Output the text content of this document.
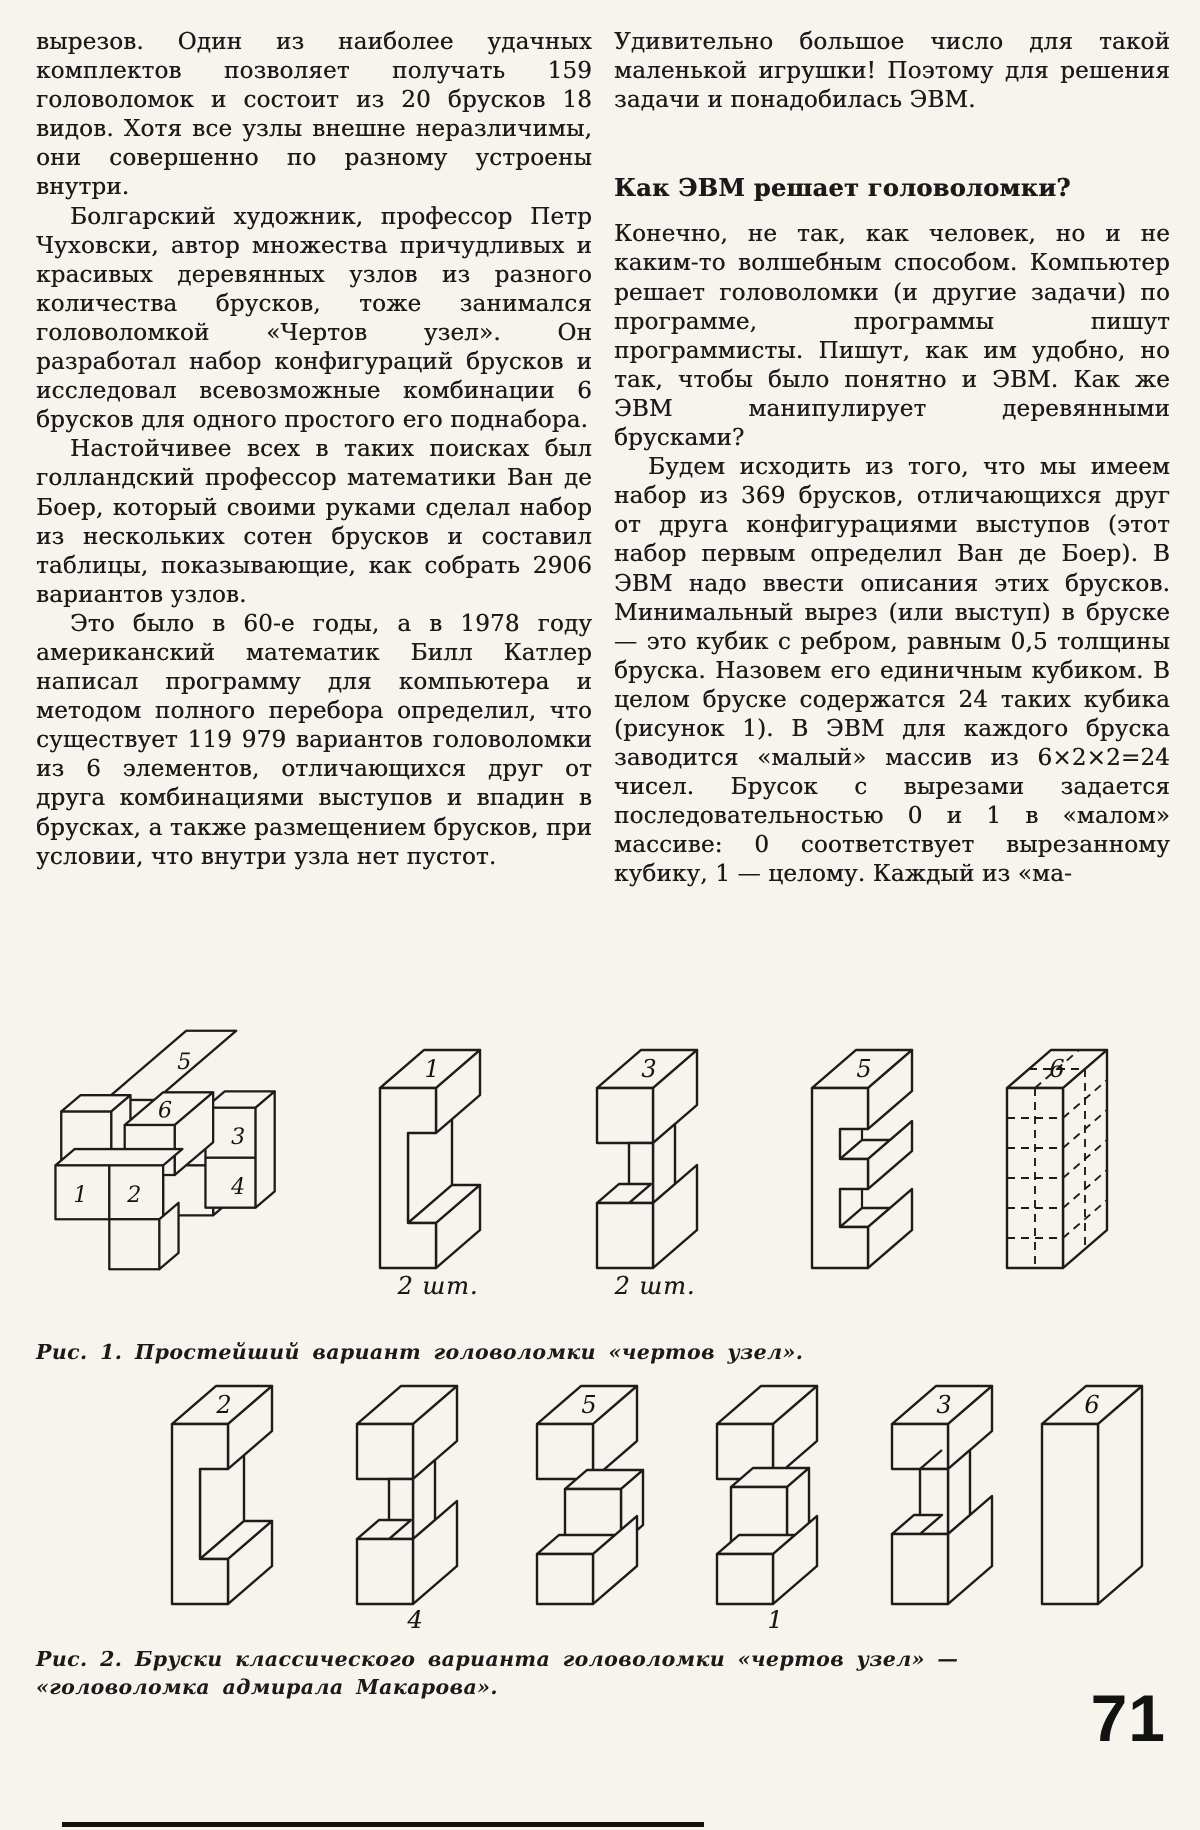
вырезов. Один из наиболее удачных комплектов позволяет получать 159 головоломок и состоит из 20 брусков 18 видов. Хотя все узлы внешне неразличимы, они совершенно по разному устроены внутри.

Болгарский художник, профессор Петр Чуховски, автор множества причудливых и красивых деревянных узлов из разного количества брусков, тоже занимался головоломкой «Чертов узел». Он разработал набор конфигураций брусков и исследовал всевозможные комбинации 6 брусков для одного простого его поднабора.

Настойчивее всех в таких поисках был голландский профессор математики Ван де Боер, который своими руками сделал набор из нескольких сотен брусков и составил таблицы, показывающие, как собрать 2906 вариантов узлов.

Это было в 60-е годы, а в 1978 году американский математик Билл Катлер написал программу для компьютера и методом полного перебора определил, что существует 119 979 вариантов головоломки из 6 элементов, отличающихся друг от друга комбинациями выступов и впадин в брусках, а также размещением брусков, при условии, что внутри узла нет пустот.

Удивительно большое число для такой маленькой игрушки! Поэтому для решения задачи и понадобилась ЭВМ.

Как ЭВМ решает головоломки?

Конечно, не так, как человек, но и не каким-то волшебным способом. Компьютер решает головоломки (и другие задачи) по программе, программы пишут программисты. Пишут, как им удобно, но так, чтобы было понятно и ЭВМ. Как же ЭВМ манипулирует деревянными брусками?

Будем исходить из того, что мы имеем набор из 369 брусков, отличающихся друг от друга конфигурациями выступов (этот набор первым определил Ван де Боер). В ЭВМ надо ввести описания этих брусков. Минимальный вырез (или выступ) в бруске — это кубик с ребром, равным 0,5 толщины бруска. Назовем его единичным кубиком. В целом бруске содержатся 24 таких кубика (рисунок 1). В ЭВМ для каждого бруска заводится «малый» массив из 6×2×2=24 чисел. Брусок с вырезами задается последовательностью 0 и 1 в «малом» массиве: 0 соответствует вырезанному кубику, 1 — целому. Каждый из «ма-

5
3
4
6
1 2
1
2 шт.
3
2 шт.
5	6
Рис. 1. Простейший вариант головоломки «чертов узел».
2
4
5
1
3	6
Рис. 2. Бруски классического варианта головоломки «чертов узел» — «головоломка адмирала Макарова».	71
